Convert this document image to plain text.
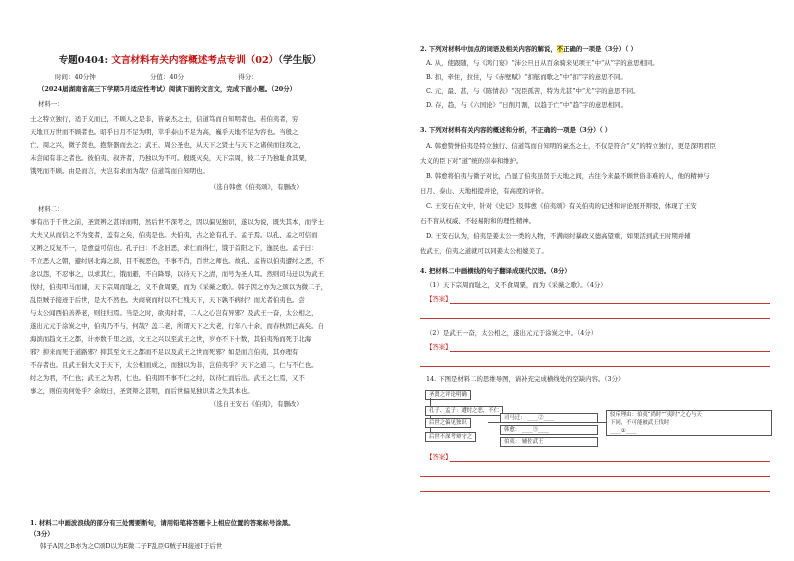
专题0404: 文言材料有关内容概述考点专训（02）（学生版）
时间：40分钟	分值：40分	得分：
（2024届湖南省高三下学期5月适应性考试）阅读下面的文言文，完成下面小题。（20分）
材料一：
士之特立独行，适于义而已，不顾人之是非，皆豪杰之士，信道笃而自知明者也。若伯夷者，穷
天地亘万世而不顾者也。昭乎日月不足为明，崒乎泰山不足为高，巍乎天地不足为容也。当殷之
亡、周之兴，微子贤也，抱祭器而去之；武王、周公圣也，从天下之贤士与天下之诸侯而往攻之，
未尝闻有非之者也。彼伯夷、叔齐者，乃独以为不可。殷既灭矣，天下宗周，彼二子乃独耻食其粟，
饿死而不顾。由是而言，夫岂有求而为哉？信道笃而自知明也。
（选自韩愈《伯夷颂》，有删改）
材料二：
事有出于千世之前，圣贤辨之甚详而明，然后世不深考之，因以偏见独识，遂以为说，既失其本，而学士
大夫又从而信之不为变者，盖有之矣，伯夷是也。夫伯夷，古之论有孔子、孟子焉。以孔、孟之可信而
又辨之反复不一，是愈益可信也。孔子曰：不念旧恶，求仁而得仁，饿于首阳之下，逸民也。孟子曰：
不立恶人之朝，避纣居北海之滨，目不视恶色，不事不肖，百世之师也。故孔、孟皆以伯夷遭纣之恶，不
念以怨，不忍事之，以求其仁，饿而避，不自降辱，以待天下之清，而号为圣人耳。然则司马迁以为武王
伐纣，伯夷叩马而谏，天下宗周而耻之，义不食周粟，而为《采薇之歌》。韩子因之亦为之颂以为微二子，
乱臣贼子接迹于后世，是大不然也。夫商衰而纣以不仁残天下，天下孰不病纣？而尤者伯夷也。尝
与太公闻西伯善养老，则往归焉。当是之时，欲夷纣者，二人之心岂有异邪？及武王一奋，太公相之，
遂出元元于涂炭之中，伯夷乃不与，何哉？盖二老，所谓天下之大老，行年八十余，而春秋固已高矣。自
海滨而趋文王之都，计亦数千里之远，文王之兴以至武王之世，岁亦不下十数，其伯夷殆而死于北海
邪？抑来而死于道路邪？抑其至文王之都而不足以及武王之世而死邪？如是而言伯夷，其亦理有
不存者也。且武王倡大义于天下，太公相而成之，而独以为非，岂伯夷乎？天下之道二，仁与不仁也。
纣之为君，不仁也；武王之为君，仁也。伯夷固不事不仁之纣，以待仁而后出。武王之仁焉，又不
事之，则伯夷何处乎？余故曰，圣贤辩之甚明，而后世偏见独识者之失其本也。
（选自王安石《伯夷》，有删改）
1. 材料二中画波浪线的部分有三处需要断句，请用铅笔将答题卡上相应位置的答案标号涂黑。
（3分）
韩子A因之B亦为之C颂D以为E微二子F乱臣G贼子H接迹I于后世
2. 下列对材料中加点的词语及相关内容的解说，不正确的一项是（3分）（ ）
A. 从，使跟随，与《鸿门宴》“沛公旦日从百余骑来见项王”中“从”字的意思相同。
B. 扣，牵住，拉住，与《赤壁赋》“扣舷而歌之”中“扣”字的意思不同。
C. 元，最、甚，与《陈情表》“况臣孤苦，特为尤甚”中“尤”字的意思不同。
D. 存，趋，与《六国论》“日削月割，以趋于亡”中“趋”字的意思相同。
3. 下列对材料有关内容的概述和分析，不正确的一项是（3分）（ ）
A. 韩愈赞誉伯夷是特立独行、信道笃而自知明的豪杰之士，不仅是符合“义”的特立独行，更是深明君臣
大义的臣下对“道”统的崇奉和维护。
B. 韩愈将伯夷与微子对比，凸显了伯夷虽贤于天地之间，古往今来最不顾世俗非难的人，他的精神与
日月、泰山、天地相提并论，有高度的评价。
C. 王安石在文中，针对《史记》及韩愈《伯夷颂》有关伯夷的记述和评论展开辩驳，体现了王安
石不盲从权威、不轻易附和的理性精神。
D. 王安石认为，伯夷是姜太公一类的人物，不满商纣暴政又德高望重，如果活到武王时期并辅
佐武王，伯夷之道就可以同姜太公相媲美了。
4. 把材料二中画横线的句子翻译成现代汉语。（8分）
（1）天下宗周而耻之，义不食周粟，而为《采薇之歌》。（4分）
【答案】
（2）是武王一奋，太公相之，遂出元元于涂炭之中。（4分）
【答案】
14. 下图是材料二的思维导图，请补充完成横线处的空缺内容。（3分）
圣贤之评论明确
孔子、孟子：遭纣之恶，不仁
后世之偏见独识
司马迁： ____②____
韩愈： ____③____
后世不深考辩守之
伯夷： 辅佐武王
驳斥理由：伯夷“尚时”“夷时”之心与天
下同，不可能被武王伐时
____①____
【答案】
